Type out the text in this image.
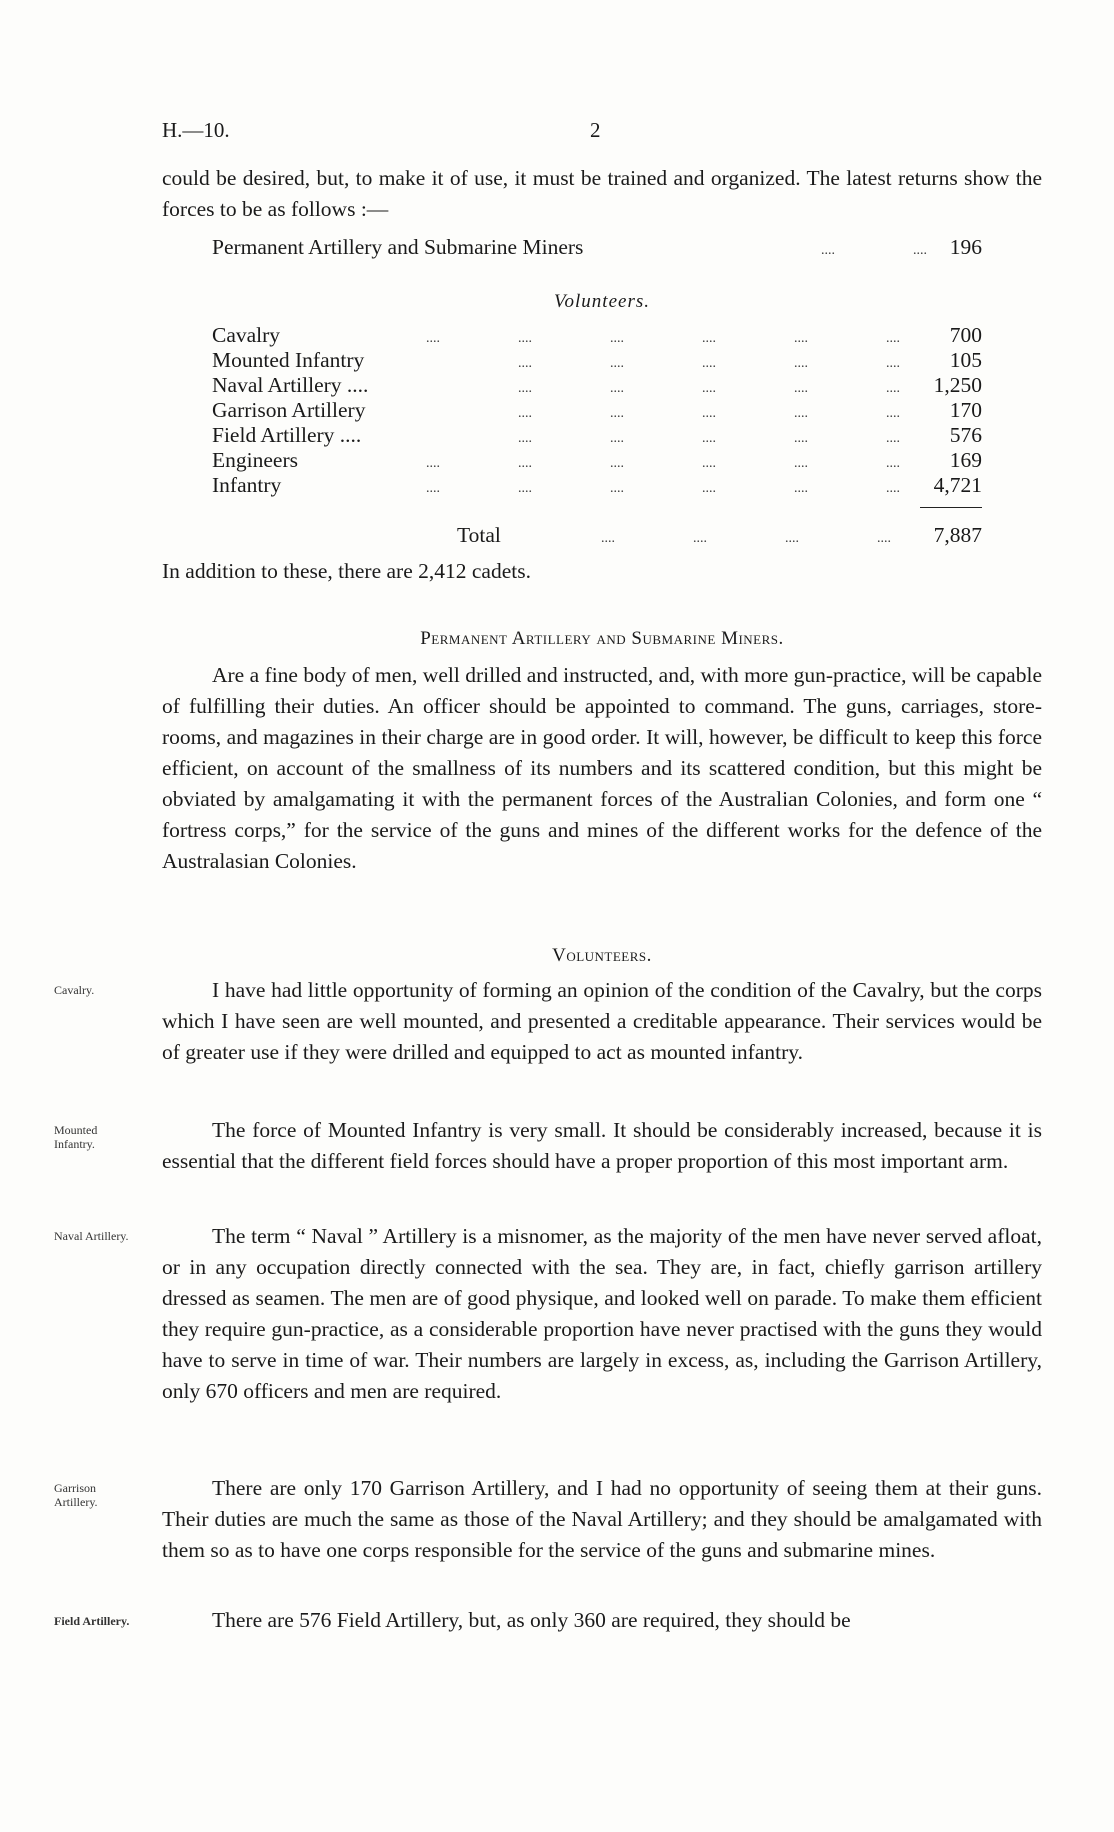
H.—10.	2

could be desired, but, to make it of use, it must be trained and organized. The latest returns show the forces to be as follows :—

Permanent Artillery and Submarine Miners	....	....	196
Volunteers.
Cavalry	....	....	....	....	....	.... 700
Mounted Infantry	....	....	....	....	.... 105
Naval Artillery ....	....	....	....	....	.... 1,250
Garrison Artillery	....	....	....	....	.... 170
Field Artillery ....	....	....	....	....	.... 576
Engineers	....	....	....	....	....	.... 169
Infantry	....	....	....	....	....	.... 4,721
Total	....	....	....	....	7,887

In addition to these, there are 2,412 cadets.

Permanent Artillery and Submarine Miners.

Are a fine body of men, well drilled and instructed, and, with more gun-practice, will be capable of fulfilling their duties. An officer should be appointed to command. The guns, carriages, store-rooms, and magazines in their charge are in good order. It will, however, be difficult to keep this force efficient, on account of the smallness of its numbers and its scattered condition, but this might be obviated by amalgamating it with the permanent forces of the Australian Colonies, and form one “ fortress corps,” for the service of the guns and mines of the different works for the defence of the Australasian Colonies.

Volunteers.
Cavalry.	I have had little opportunity of forming an opinion of the condition of the Cavalry, but the corps which I have seen are well mounted, and presented a creditable appearance. Their services would be of greater use if they were drilled and equipped to act as mounted infantry.

Mounted Infantry.

The force of Mounted Infantry is very small. It should be considerably increased, because it is essential that the different field forces should have a proper proportion of this most important arm.

Naval Artillery.	The term “ Naval ” Artillery is a misnomer, as the majority of the men have never served afloat, or in any occupation directly connected with the sea. They are, in fact, chiefly garrison artillery dressed as seamen. The men are of good physique, and looked well on parade. To make them efficient they require gun-practice, as a considerable proportion have never practised with the guns they would have to serve in time of war. Their numbers are largely in excess, as, including the Garrison Artillery, only 670 officers and men are required.

Garrison Artillery.

There are only 170 Garrison Artillery, and I had no opportunity of seeing them at their guns. Their duties are much the same as those of the Naval Artillery; and they should be amalgamated with them so as to have one corps responsible for the service of the guns and submarine mines.

Field Artillery.	There are 576 Field Artillery, but, as only 360 are required, they should be
